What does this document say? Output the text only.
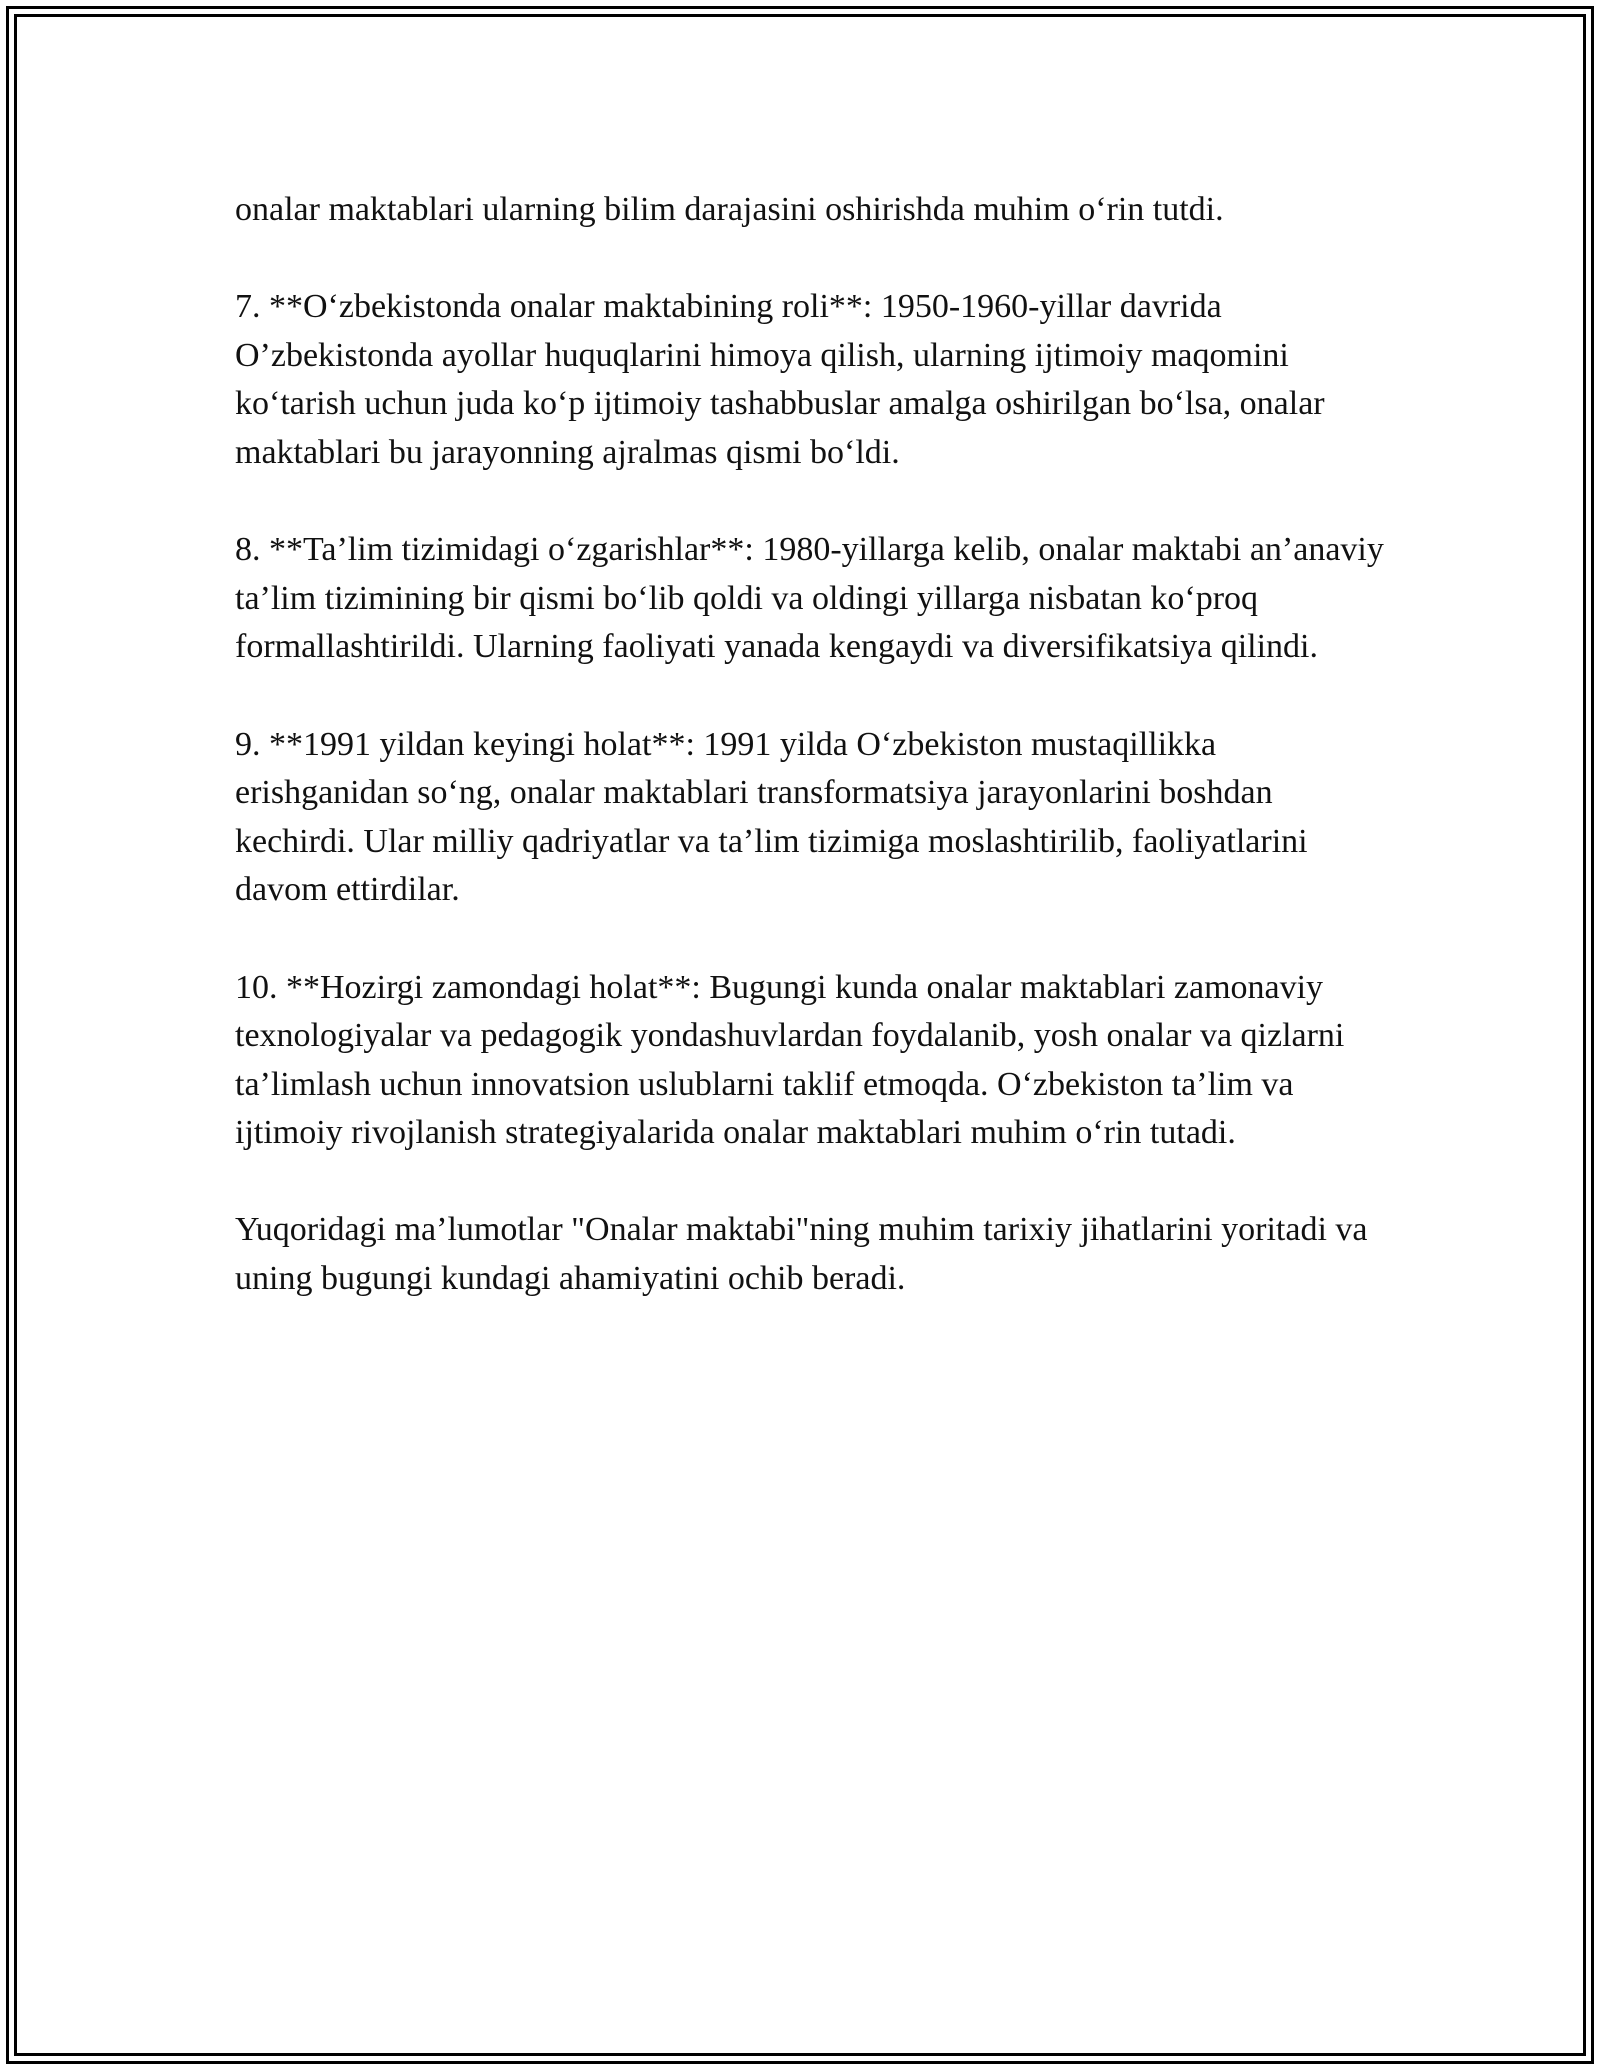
onalar maktablari ularning bilim darajasini oshirishda muhim o‘rin tutdi.

7. **O‘zbekistonda onalar maktabining roli**: 1950-1960-yillar davrida O’zbekistonda ayollar huquqlarini himoya qilish, ularning ijtimoiy maqomini ko‘tarish uchun juda ko‘p ijtimoiy tashabbuslar amalga oshirilgan bo‘lsa, onalar maktablari bu jarayonning ajralmas qismi bo‘ldi.

8. **Ta’lim tizimidagi o‘zgarishlar**: 1980-yillarga kelib, onalar maktabi an’anaviy ta’lim tizimining bir qismi bo‘lib qoldi va oldingi yillarga nisbatan ko‘proq formallashtirildi. Ularning faoliyati yanada kengaydi va diversifikatsiya qilindi.

9. **1991 yildan keyingi holat**: 1991 yilda O‘zbekiston mustaqillikka erishganidan so‘ng, onalar maktablari transformatsiya jarayonlarini boshdan kechirdi. Ular milliy qadriyatlar va ta’lim tizimiga moslashtirilib, faoliyatlarini davom ettirdilar.

10. **Hozirgi zamondagi holat**: Bugungi kunda onalar maktablari zamonaviy texnologiyalar va pedagogik yondashuvlardan foydalanib, yosh onalar va qizlarni ta’limlash uchun innovatsion uslublarni taklif etmoqda. O‘zbekiston ta’lim va ijtimoiy rivojlanish strategiyalarida onalar maktablari muhim o‘rin tutadi.

Yuqoridagi ma’lumotlar "Onalar maktabi"ning muhim tarixiy jihatlarini yoritadi va uning bugungi kundagi ahamiyatini ochib beradi.
